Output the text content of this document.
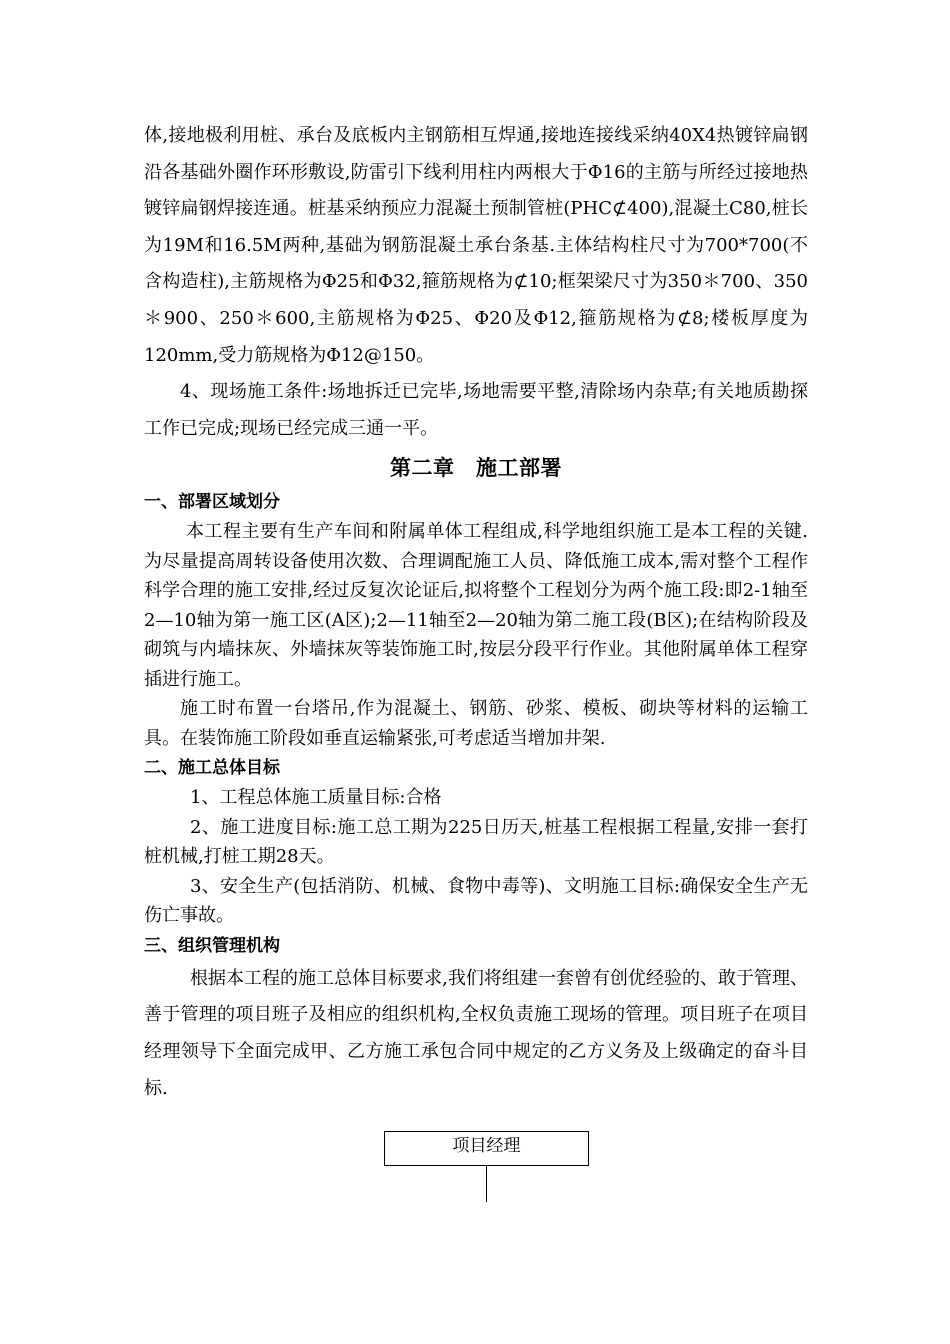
体,接地极利用桩、承台及底板内主钢筋相互焊通,接地连接线采纳40X4热镀锌扁钢沿各基础外圈作环形敷设,防雷引下线利用柱内两根大于Φ16的主筋与所经过接地热镀锌扁钢焊接连通。桩基采纳预应力混凝土预制管桩(PHC⊄400),混凝土C80,桩长为19M和16.5M两种,基础为钢筋混凝土承台条基.主体结构柱尺寸为700*700(不含构造柱),主筋规格为Φ25和Φ32,箍筋规格为⊄10;框架梁尺寸为350＊700、350＊900、250＊600,主筋规格为Φ25、Φ20及Φ12,箍筋规格为⊄8;楼板厚度为120mm,受力筋规格为Φ12@150。

4、现场施工条件:场地拆迁已完毕,场地需要平整,清除场内杂草;有关地质勘探工作已完成;现场已经完成三通一平。

第二章　施工部署
一、部署区域划分

本工程主要有生产车间和附属单体工程组成,科学地组织施工是本工程的关键.为尽量提高周转设备使用次数、合理调配施工人员、降低施工成本,需对整个工程作科学合理的施工安排,经过反复次论证后,拟将整个工程划分为两个施工段:即2-1轴至2—10轴为第一施工区(A区);2—11轴至2—20轴为第二施工段(B区);在结构阶段及砌筑与内墙抹灰、外墙抹灰等装饰施工时,按层分段平行作业。其他附属单体工程穿插进行施工。

施工时布置一台塔吊,作为混凝土、钢筋、砂浆、模板、砌块等材料的运输工具。在装饰施工阶段如垂直运输紧张,可考虑适当增加井架.

二、施工总体目标

1、工程总体施工质量目标:合格

2、施工进度目标:施工总工期为225日历天,桩基工程根据工程量,安排一套打桩机械,打桩工期28天。

3、安全生产(包括消防、机械、食物中毒等)、文明施工目标:确保安全生产无伤亡事故。

三、组织管理机构

根据本工程的施工总体目标要求,我们将组建一套曾有创优经验的、敢于管理、善于管理的项目班子及相应的组织机构,全权负责施工现场的管理。项目班子在项目经理领导下全面完成甲、乙方施工承包合同中规定的乙方义务及上级确定的奋斗目标.

项目经理
